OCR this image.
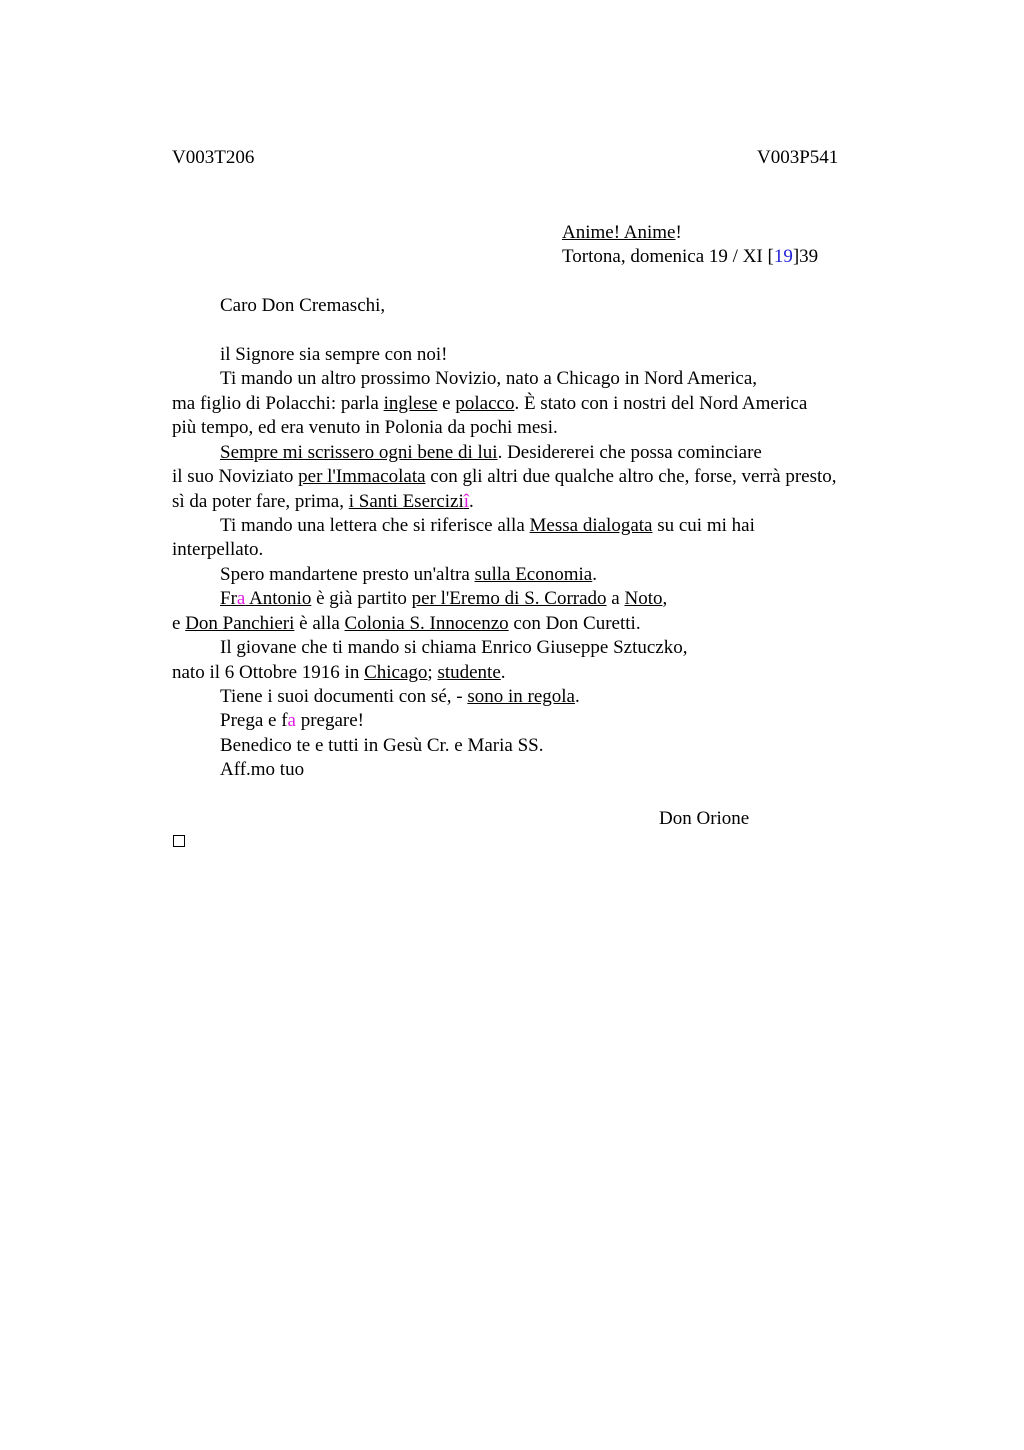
V003T206	V003P541
Anime! Anime!
Tortona, domenica 19 / XI [19]39
Caro Don Cremaschi,
il Signore sia sempre con noi!
Ti mando un altro prossimo Novizio, nato a Chicago in Nord America,
ma figlio di Polacchi: parla inglese e polacco. È stato con i nostri del Nord America
più tempo, ed era venuto in Polonia da pochi mesi.
Sempre mi scrissero ogni bene di lui. Desidererei che possa cominciare
il suo Noviziato per l'Immacolata con gli altri due qualche altro che, forse, verrà presto,
sì da poter fare, prima, i Santi Eserciziî.
Ti mando una lettera che si riferisce alla Messa dialogata su cui mi hai
interpellato.
Spero mandartene presto un'altra sulla Economia.
Fra Antonio è già partito per l'Eremo di S. Corrado a Noto,
e Don Panchieri è alla Colonia S. Innocenzo con Don Curetti.
Il giovane che ti mando si chiama Enrico Giuseppe Sztuczko,
nato il 6 Ottobre 1916 in Chicago; studente.
Tiene i suoi documenti con sé, - sono in regola.
Prega e fa pregare!
Benedico te e tutti in Gesù Cr. e Maria SS.
Aff.mo tuo
Don Orione
